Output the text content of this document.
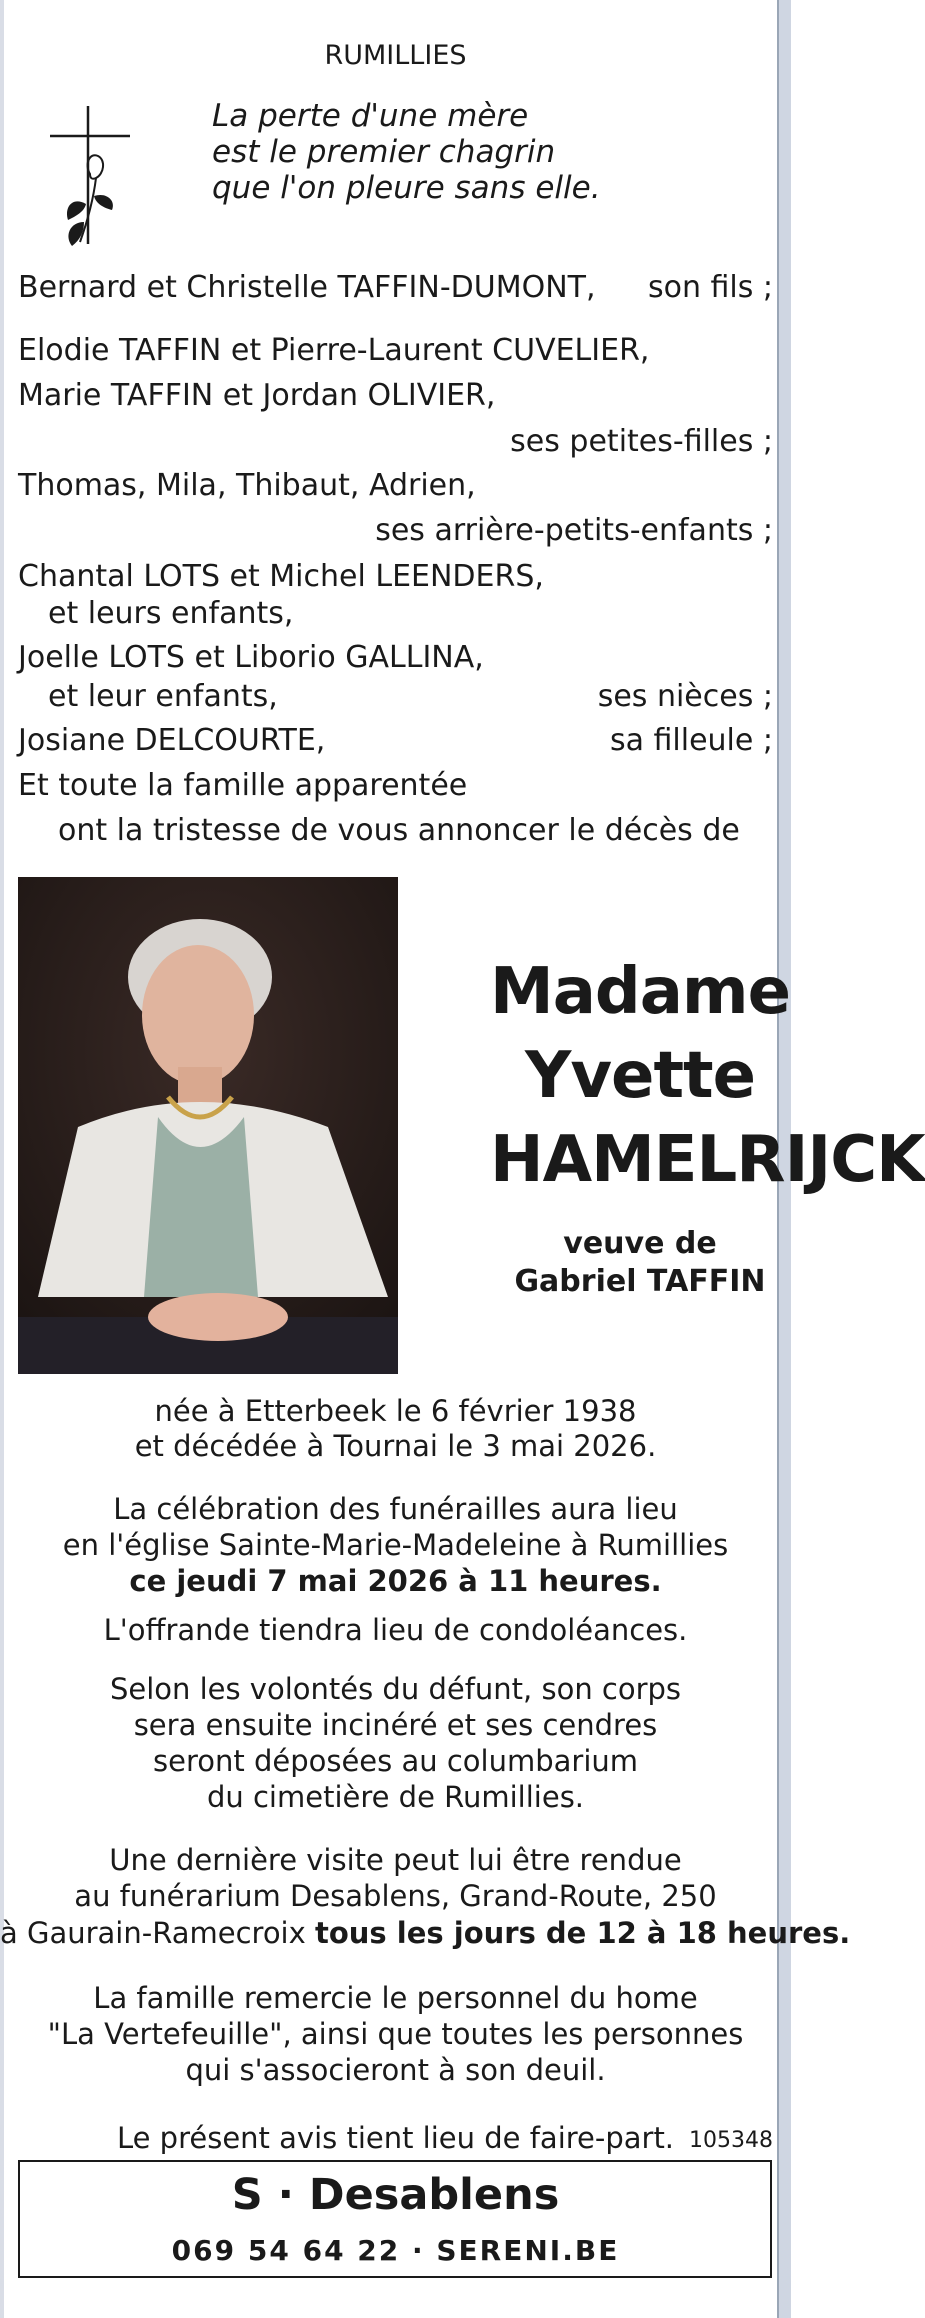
RUMILLIES
La perte d'une mère
est le premier chagrin
que l'on pleure sans elle.
Bernard et Christelle TAFFIN-DUMONT, son fils ;
Elodie TAFFIN et Pierre-Laurent CUVELIER,
Marie TAFFIN et Jordan OLIVIER,
ses petites-filles ;
Thomas, Mila, Thibaut, Adrien,
ses arrière-petits-enfants ;
Chantal LOTS et Michel LEENDERS,
et leurs enfants,
Joelle LOTS et Liborio GALLINA,
et leur enfants,	ses nièces ;
Josiane DELCOURTE,	sa filleule ;
Et toute la famille apparentée
ont la tristesse de vous annoncer le décès de
Madame
Yvette
HAMELRIJCK
veuve de
Gabriel TAFFIN
née à Etterbeek le 6 février 1938
et décédée à Tournai le 3 mai 2026.
La célébration des funérailles aura lieu
en l'église Sainte-Marie-Madeleine à Rumillies
ce jeudi 7 mai 2026 à 11 heures.
L'offrande tiendra lieu de condoléances.
Selon les volontés du défunt, son corps
sera ensuite incinéré et ses cendres
seront déposées au columbarium
du cimetière de Rumillies.
Une dernière visite peut lui être rendue
au funérarium Desablens, Grand-Route, 250
à Gaurain-Ramecroix tous les jours de 12 à 18 heures.
La famille remercie le personnel du home
"La Vertefeuille", ainsi que toutes les personnes
qui s'associeront à son deuil.
Le présent avis tient lieu de faire-part. 105348
S · Desablens
069 54 64 22 · SERENI.BE
